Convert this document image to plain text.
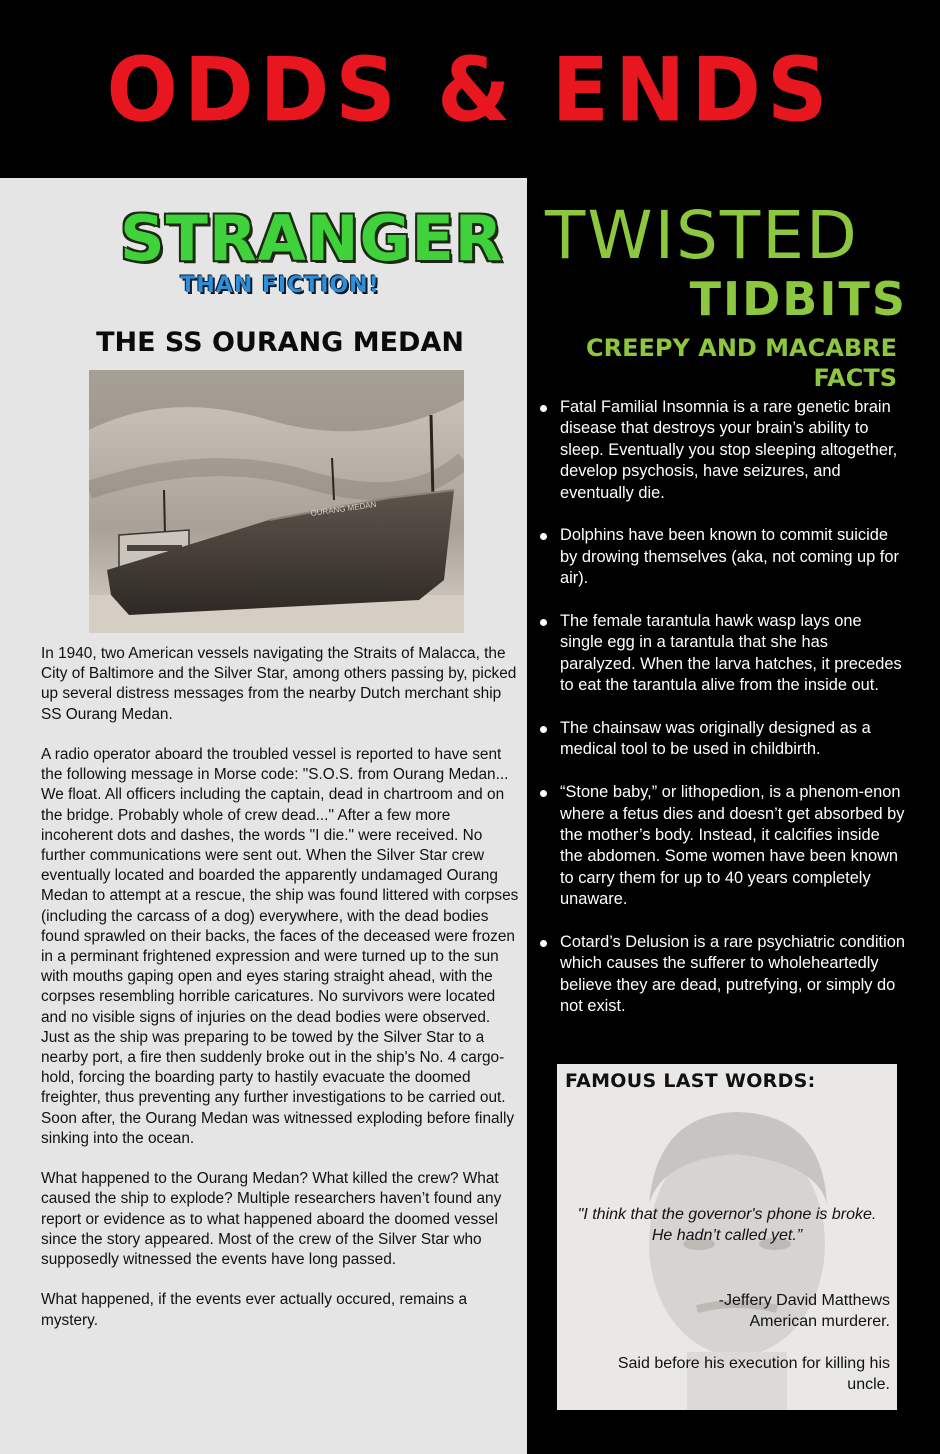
ODDS & ENDS
STRANGER
THAN FICTION!
THE SS OURANG MEDAN
OURANG MEDAN

In 1940, two American vessels navigating the Straits of Malacca, the City of Baltimore and the Silver Star, among others passing by, picked up several distress messages from the nearby Dutch merchant ship SS Ourang Medan.

A radio operator aboard the troubled vessel is reported to have sent the following message in Morse code: "S.O.S. from Ourang Medan... We float. All officers including the captain, dead in chartroom and on the bridge. Probably whole of crew dead..." After a few more incoherent dots and dashes, the words "I die." were received. No further communications were sent out. When the Silver Star crew eventually located and boarded the apparently undamaged Ourang Medan to attempt at a rescue, the ship was found littered with corpses (including the carcass of a dog) everywhere, with the dead bodies found sprawled on their backs, the faces of the deceased were frozen in a perminant frightened expression and were turned up to the sun with mouths gaping open and eyes staring straight ahead, with the corpses resembling horrible caricatures. No survivors were located and no visible signs of injuries on the dead bodies were observed. Just as the ship was preparing to be towed by the Silver Star to a nearby port, a fire then suddenly broke out in the ship's No. 4 cargo-hold, forcing the boarding party to hastily evacuate the doomed freighter, thus preventing any further investigations to be carried out. Soon after, the Ourang Medan was witnessed exploding before finally sinking into the ocean.

What happened to the Ourang Medan? What killed the crew? What caused the ship to explode? Multiple researchers haven’t found any report or evidence as to what happened aboard the doomed vessel since the story appeared. Most of the crew of the Silver Star who supposedly witnessed the events have long passed.

What happened, if the events ever actually occured, remains a mystery.

TWISTED
TIDBITS
CREEPY AND MACABRE FACTS
Fatal Familial Insomnia is a rare genetic brain disease that destroys your brain’s ability to sleep. Eventually you stop sleeping altogether, develop psychosis, have seizures, and eventually die.
Dolphins have been known to commit suicide by drowing themselves (aka, not coming up for air).
The female tarantula hawk wasp lays one single egg in a tarantula that she has paralyzed. When the larva hatches, it precedes to eat the tarantula alive from the inside out.
The chainsaw was originally designed as a medical tool to be used in childbirth.
“Stone baby,” or lithopedion, is a phenom-enon where a fetus dies and doesn’t get absorbed by the mother’s body. Instead, it calcifies inside the abdomen. Some women have been known to carry them for up to 40 years completely unaware.
Cotard’s Delusion is a rare psychiatric condition which causes the sufferer to wholeheartedly believe they are dead, putrefying, or simply do not exist.
FAMOUS LAST WORDS:
"I think that the governor's phone is broke. He hadn’t called yet.”
-Jeffery David Matthews
American murderer.
Said before his execution for killing his uncle.
